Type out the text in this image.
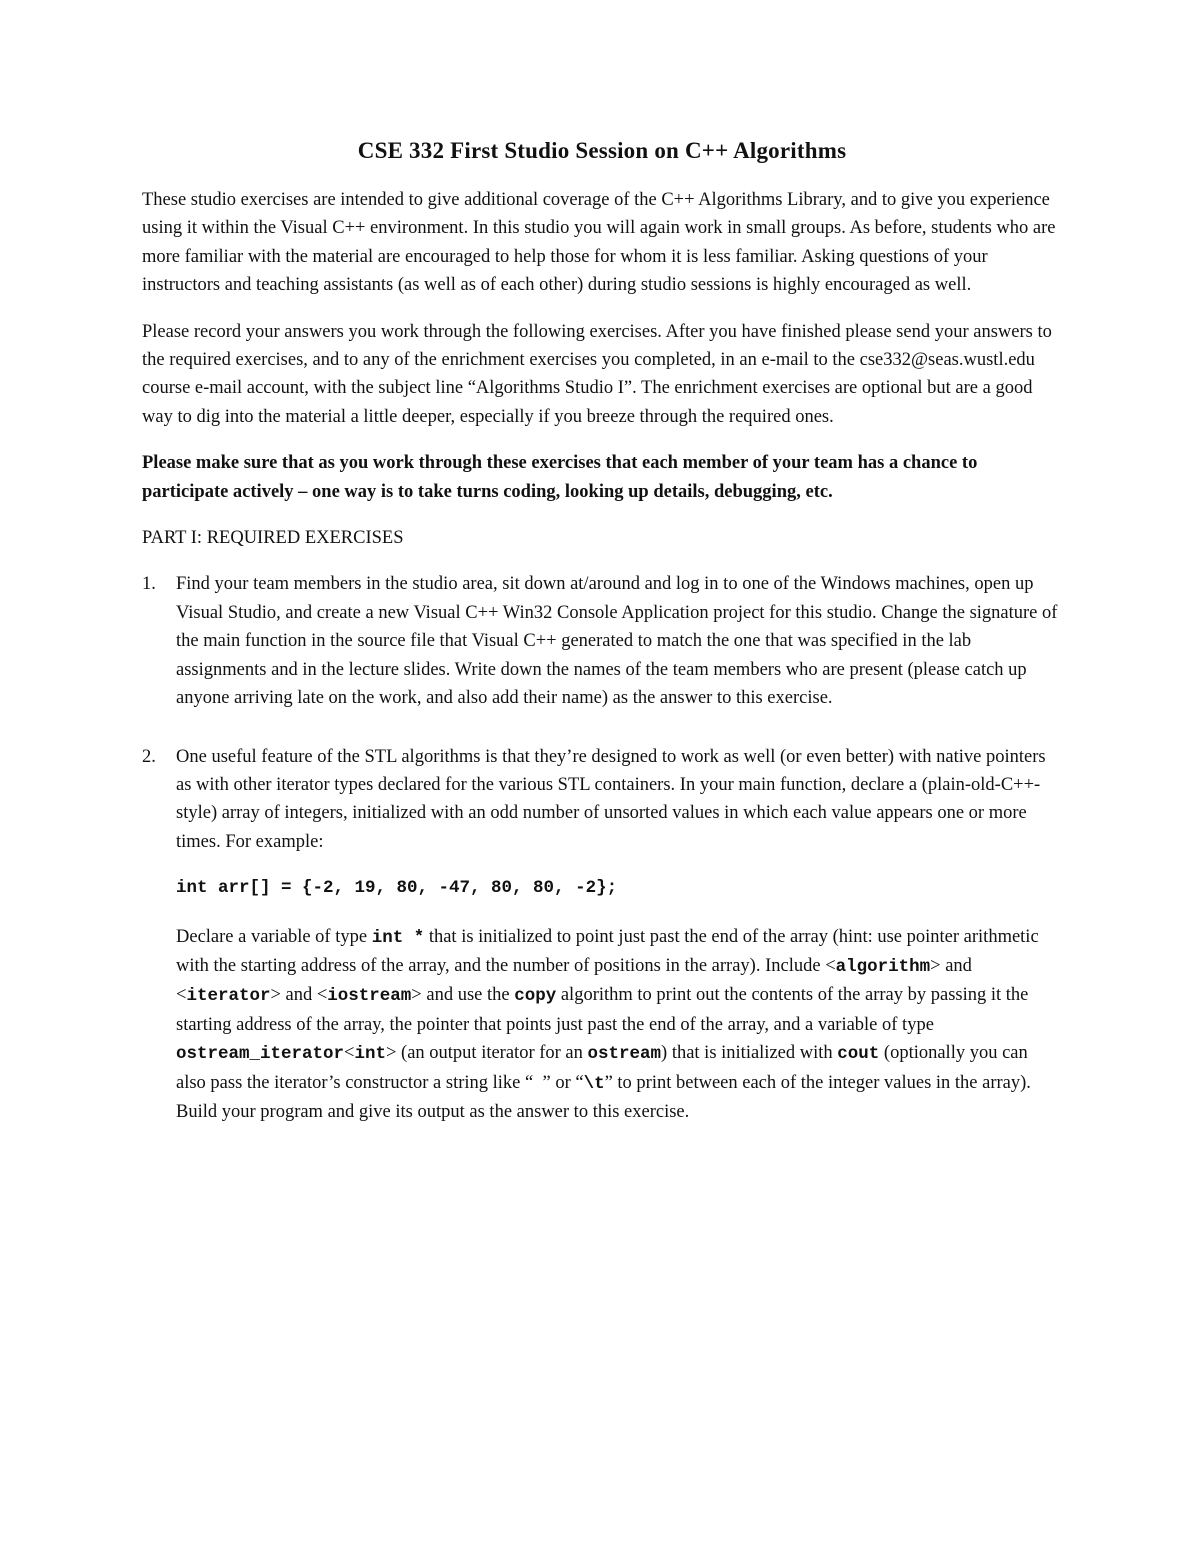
CSE 332 First Studio Session on C++ Algorithms

These studio exercises are intended to give additional coverage of the C++ Algorithms Library, and to give you experience using it within the Visual C++ environment. In this studio you will again work in small groups. As before, students who are more familiar with the material are encouraged to help those for whom it is less familiar. Asking questions of your instructors and teaching assistants (as well as of each other) during studio sessions is highly encouraged as well.

Please record your answers you work through the following exercises. After you have finished please send your answers to the required exercises, and to any of the enrichment exercises you completed, in an e-mail to the cse332@seas.wustl.edu course e-mail account, with the subject line “Algorithms Studio I”. The enrichment exercises are optional but are a good way to dig into the material a little deeper, especially if you breeze through the required ones.

Please make sure that as you work through these exercises that each member of your team has a chance to participate actively – one way is to take turns coding, looking up details, debugging, etc.

PART I: REQUIRED EXERCISES

1. Find your team members in the studio area, sit down at/around and log in to one of the Windows machines, open up Visual Studio, and create a new Visual C++ Win32 Console Application project for this studio. Change the signature of the main function in the source file that Visual C++ generated to match the one that was specified in the lab assignments and in the lecture slides. Write down the names of the team members who are present (please catch up anyone arriving late on the work, and also add their name) as the answer to this exercise.
2. One useful feature of the STL algorithms is that they’re designed to work as well (or even better) with native pointers as with other iterator types declared for the various STL containers. In your main function, declare a (plain-old-C++-style) array of integers, initialized with an odd number of unsorted values in which each value appears one or more times. For example:
int arr[] = {-2, 19, 80, -47, 80, 80, -2};
Declare a variable of type int * that is initialized to point just past the end of the array (hint: use pointer arithmetic with the starting address of the array, and the number of positions in the array). Include <algorithm> and <iterator> and <iostream> and use the copy algorithm to print out the contents of the array by passing it the starting address of the array, the pointer that points just past the end of the array, and a variable of type ostream_iterator<int> (an output iterator for an ostream) that is initialized with cout (optionally you can also pass the iterator’s constructor a string like “  ” or “\t” to print between each of the integer values in the array). Build your program and give its output as the answer to this exercise.
